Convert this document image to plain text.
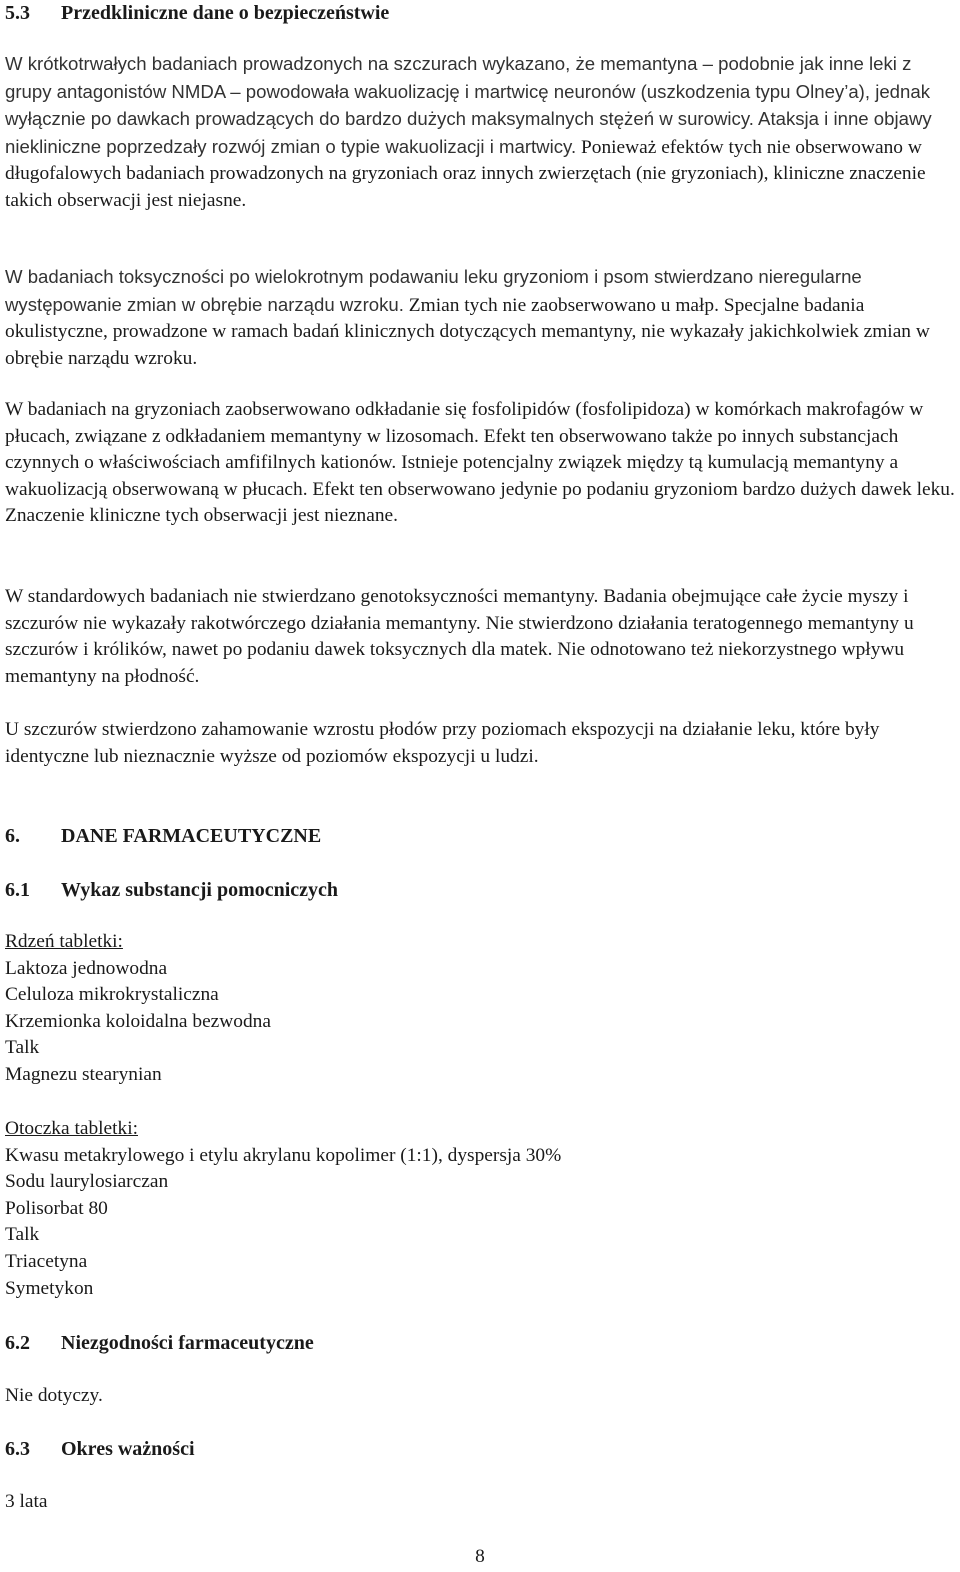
5.3 Przedkliniczne dane o bezpieczeństwie
W krótkotrwałych badaniach prowadzonych na szczurach wykazano, że memantyna – podobnie jak inne leki z grupy antagonistów NMDA – powodowała wakuolizację i martwicę neuronów (uszkodzenia typu Olney’a), jednak wyłącznie po dawkach prowadzących do bardzo dużych maksymalnych stężeń w surowicy. Ataksja i inne objawy niekliniczne poprzedzały rozwój zmian o typie wakuolizacji i martwicy. Ponieważ efektów tych nie obserwowano w długofalowych badaniach prowadzonych na gryzoniach oraz innych zwierzętach (nie gryzoniach), kliniczne znaczenie takich obserwacji jest niejasne.
W badaniach toksyczności po wielokrotnym podawaniu leku gryzoniom i psom stwierdzano nieregularne występowanie zmian w obrębie narządu wzroku. Zmian tych nie zaobserwowano u małp. Specjalne badania okulistyczne, prowadzone w ramach badań klinicznych dotyczących memantyny, nie wykazały jakichkolwiek zmian w obrębie narządu wzroku.
W badaniach na gryzoniach zaobserwowano odkładanie się fosfolipidów (fosfolipidoza) w komórkach makrofagów w płucach, związane z odkładaniem memantyny w lizosomach. Efekt ten obserwowano także po innych substancjach czynnych o właściwościach amfifilnych kationów. Istnieje potencjalny związek między tą kumulacją memantyny a wakuolizacją obserwowaną w płucach. Efekt ten obserwowano jedynie po podaniu gryzoniom bardzo dużych dawek leku. Znaczenie kliniczne tych obserwacji jest nieznane.
W standardowych badaniach nie stwierdzano genotoksyczności memantyny. Badania obejmujące całe życie myszy i szczurów nie wykazały rakotwórczego działania memantyny. Nie stwierdzono działania teratogennego memantyny u szczurów i królików, nawet po podaniu dawek toksycznych dla matek. Nie odnotowano też niekorzystnego wpływu memantyny na płodność.
U szczurów stwierdzono zahamowanie wzrostu płodów przy poziomach ekspozycji na działanie leku, które były identyczne lub nieznacznie wyższe od poziomów ekspozycji u ludzi.
6. DANE FARMACEUTYCZNE
6.1 Wykaz substancji pomocniczych
Rdzeń tabletki:
Laktoza jednowodna
Celuloza mikrokrystaliczna
Krzemionka koloidalna bezwodna
Talk
Magnezu stearynian
Otoczka tabletki:
Kwasu metakrylowego i etylu akrylanu kopolimer (1:1), dyspersja 30%
Sodu laurylosiarczan
Polisorbat 80
Talk
Triacetyna
Symetykon
6.2 Niezgodności farmaceutyczne
Nie dotyczy.
6.3 Okres ważności
3 lata
8
